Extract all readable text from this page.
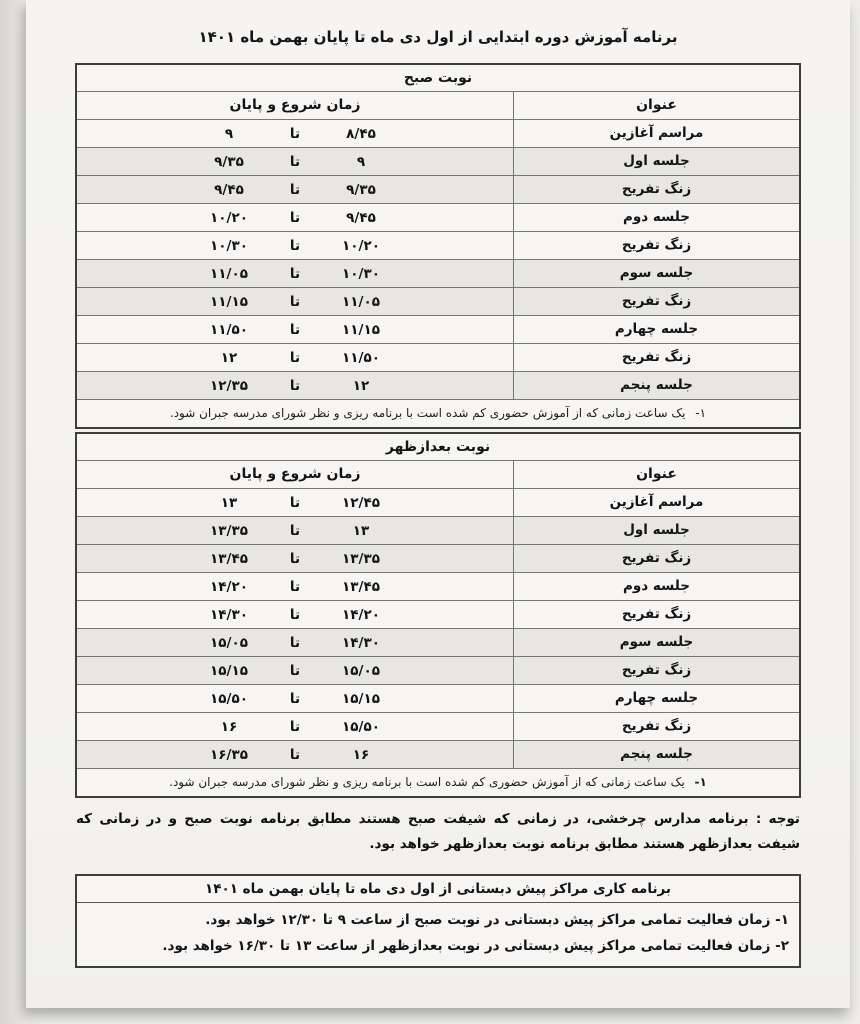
برنامه آموزش دوره ابتدایی از اول دی ماه تا پایان بهمن ماه ۱۴۰۱
نوبت صبح
عنوان
زمان شروع و پایان
مراسم آغازین
۸/۴۵
تا
۹
جلسه اول
۹
تا
۹/۳۵
زنگ تفریح
۹/۳۵
تا
۹/۴۵
جلسه دوم
۹/۴۵
تا
۱۰/۲۰
زنگ تفریح
۱۰/۲۰
تا
۱۰/۳۰
جلسه سوم
۱۰/۳۰
تا
۱۱/۰۵
زنگ تفریح
۱۱/۰۵
تا
۱۱/۱۵
جلسه چهارم
۱۱/۱۵
تا
۱۱/۵۰
زنگ تفریح
۱۱/۵۰
تا
۱۲
جلسه پنجم
۱۲
تا
۱۲/۳۵
۱- یک ساعت زمانی که از آموزش حضوری کم شده است با برنامه ریزی و نظر شورای مدرسه جبران شود.
نوبت بعدازظهر
عنوان
زمان شروع و پایان
مراسم آغازین
۱۲/۴۵
تا
۱۳
جلسه اول
۱۳
تا
۱۳/۳۵
زنگ تفریح
۱۳/۳۵
تا
۱۳/۴۵
جلسه دوم
۱۳/۴۵
تا
۱۴/۲۰
زنگ تفریح
۱۴/۲۰
تا
۱۴/۳۰
جلسه سوم
۱۴/۳۰
تا
۱۵/۰۵
زنگ تفریح
۱۵/۰۵
تا
۱۵/۱۵
جلسه چهارم
۱۵/۱۵
تا
۱۵/۵۰
زنگ تفریح
۱۵/۵۰
تا
۱۶
جلسه پنجم
۱۶
تا
۱۶/۳۵
۱- یک ساعت زمانی که از آموزش حضوری کم شده است با برنامه ریزی و نظر شورای مدرسه جبران شود.
توجه : برنامه مدارس چرخشی، در زمانی که شیفت صبح هستند مطابق برنامه نوبت صبح و در زمانی که شیفت بعدازظهر هستند مطابق برنامه نوبت بعدازظهر خواهد بود.
برنامه کاری مراکز پیش دبستانی از اول دی ماه تا پایان بهمن ماه ۱۴۰۱
۱- زمان فعالیت تمامی مراکز پیش دبستانی در نوبت صبح از ساعت ۹ تا ۱۲/۳۰ خواهد بود.
۲- زمان فعالیت تمامی مراکز پیش دبستانی در نوبت بعدازظهر از ساعت ۱۳ تا ۱۶/۳۰ خواهد بود.
